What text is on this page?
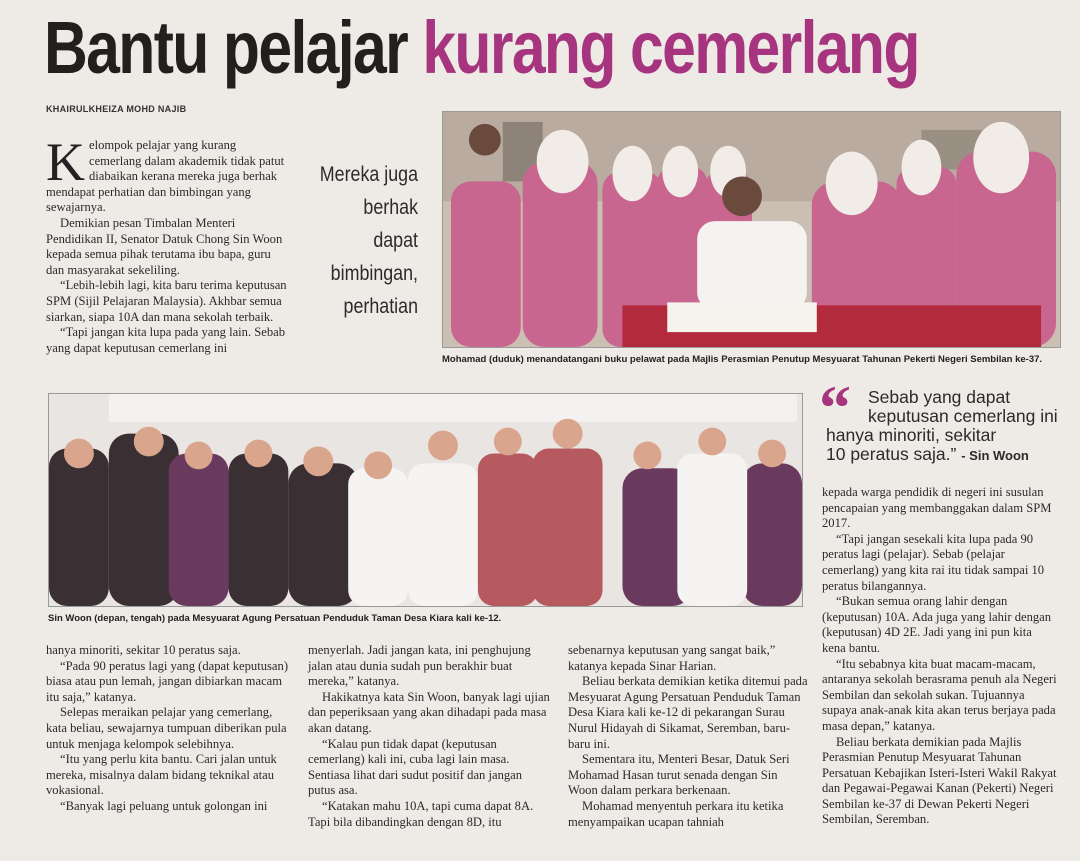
Bantu pelajar kurang cemerlang
KHAIRULKHEIZA MOHD NAJIB

Kelompok pelajar yang kurang cemerlang dalam akademik tidak patut diabaikan kerana mereka juga berhak mendapat perhatian dan bimbingan yang sewajarnya.

Demikian pesan Timbalan Menteri Pendidikan II, Senator Datuk Chong Sin Woon kepada semua pihak terutama ibu bapa, guru dan masyarakat sekeliling.

“Lebih-lebih lagi, kita baru terima keputusan SPM (Sijil Pelajaran Malaysia). Akhbar semua siarkan, siapa 10A dan mana sekolah terbaik.

“Tapi jangan kita lupa pada yang lain. Sebab yang dapat keputusan cemerlang ini

Mereka juga
berhak
dapat
bimbingan,
perhatian
Mohamad (duduk) menandatangani buku pelawat pada Majlis Perasmian Penutup Mesyuarat Tahunan Pekerti Negeri Sembilan ke-37.
Sin Woon (depan, tengah) pada Mesyuarat Agung Persatuan Penduduk Taman Desa Kiara kali ke-12.
“ Sebab yang dapat
keputusan cemerlang ini
hanya minoriti, sekitar
10 peratus saja.” - Sin Woon

kepada warga pendidik di negeri ini susulan pencapaian yang membanggakan dalam SPM 2017.

“Tapi jangan sesekali kita lupa pada 90 peratus lagi (pelajar). Sebab (pelajar cemerlang) yang kita rai itu tidak sampai 10 peratus bilangannya.

“Bukan semua orang lahir dengan (keputusan) 10A. Ada juga yang lahir dengan (keputusan) 4D 2E. Jadi yang ini pun kita kena bantu.

“Itu sebabnya kita buat macam-macam, antaranya sekolah berasrama penuh ala Negeri Sembilan dan sekolah sukan. Tujuannya supaya anak-anak kita akan terus berjaya pada masa depan,” katanya.

Beliau berkata demikian pada Majlis Perasmian Penutup Mesyuarat Tahunan Persatuan Kebajikan Isteri-Isteri Wakil Rakyat dan Pegawai-Pegawai Kanan (Pekerti) Negeri Sembilan ke-37 di Dewan Pekerti Negeri Sembilan, Seremban.

hanya minoriti, sekitar 10 peratus saja.

“Pada 90 peratus lagi yang (dapat keputusan) biasa atau pun lemah, jangan dibiarkan macam itu saja,” katanya.

Selepas meraikan pelajar yang cemerlang, kata beliau, sewajarnya tumpuan diberikan pula untuk menjaga kelompok selebihnya.

“Itu yang perlu kita bantu. Cari jalan untuk mereka, misalnya dalam bidang teknikal atau vokasional.

“Banyak lagi peluang untuk golongan ini

menyerlah. Jadi jangan kata, ini penghujung jalan atau dunia sudah pun berakhir buat mereka,” katanya.

Hakikatnya kata Sin Woon, banyak lagi ujian dan peperiksaan yang akan dihadapi pada masa akan datang.

“Kalau pun tidak dapat (keputusan cemerlang) kali ini, cuba lagi lain masa. Sentiasa lihat dari sudut positif dan jangan putus asa.

“Katakan mahu 10A, tapi cuma dapat 8A. Tapi bila dibandingkan dengan 8D, itu

sebenarnya keputusan yang sangat baik,” katanya kepada Sinar Harian.

Beliau berkata demikian ketika ditemui pada Mesyuarat Agung Persatuan Penduduk Taman Desa Kiara kali ke-12 di pekarangan Surau Nurul Hidayah di Sikamat, Seremban, baru-baru ini.

Sementara itu, Menteri Besar, Datuk Seri Mohamad Hasan turut senada dengan Sin Woon dalam perkara berkenaan.

Mohamad menyentuh perkara itu ketika menyampaikan ucapan tahniah
